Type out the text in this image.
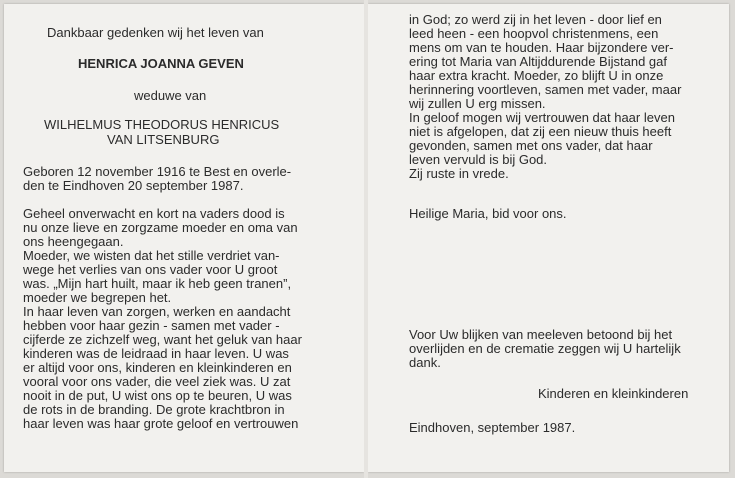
Dankbaar gedenken wij het leven van
HENRICA JOANNA GEVEN
weduwe van
WILHELMUS THEODORUS HENRICUS
VAN LITSENBURG
Geboren 12 november 1916 te Best en overle-
den te Eindhoven 20 september 1987.
Geheel onverwacht en kort na vaders dood is
nu onze lieve en zorgzame moeder en oma van
ons heengegaan.
Moeder, we wisten dat het stille verdriet van-
wege het verlies van ons vader voor U groot
was. „Mijn hart huilt, maar ik heb geen tranen”,
moeder we begrepen het.
In haar leven van zorgen, werken en aandacht
hebben voor haar gezin - samen met vader -
cijferde ze zichzelf weg, want het geluk van haar
kinderen was de leidraad in haar leven. U was
er altijd voor ons, kinderen en kleinkinderen en
vooral voor ons vader, die veel ziek was. U zat
nooit in de put, U wist ons op te beuren, U was
de rots in de branding. De grote krachtbron in
haar leven was haar grote geloof en vertrouwen
in God; zo werd zij in het leven - door lief en
leed heen - een hoopvol christenmens, een
mens om van te houden. Haar bijzondere ver-
ering tot Maria van Altijddurende Bijstand gaf
haar extra kracht. Moeder, zo blijft U in onze
herinnering voortleven, samen met vader, maar
wij zullen U erg missen.
In geloof mogen wij vertrouwen dat haar leven
niet is afgelopen, dat zij een nieuw thuis heeft
gevonden, samen met ons vader, dat haar
leven vervuld is bij God.
Zij ruste in vrede.
Heilige Maria, bid voor ons.
Voor Uw blijken van meeleven betoond bij het
overlijden en de crematie zeggen wij U hartelijk
dank.
Kinderen en kleinkinderen
Eindhoven, september 1987.
